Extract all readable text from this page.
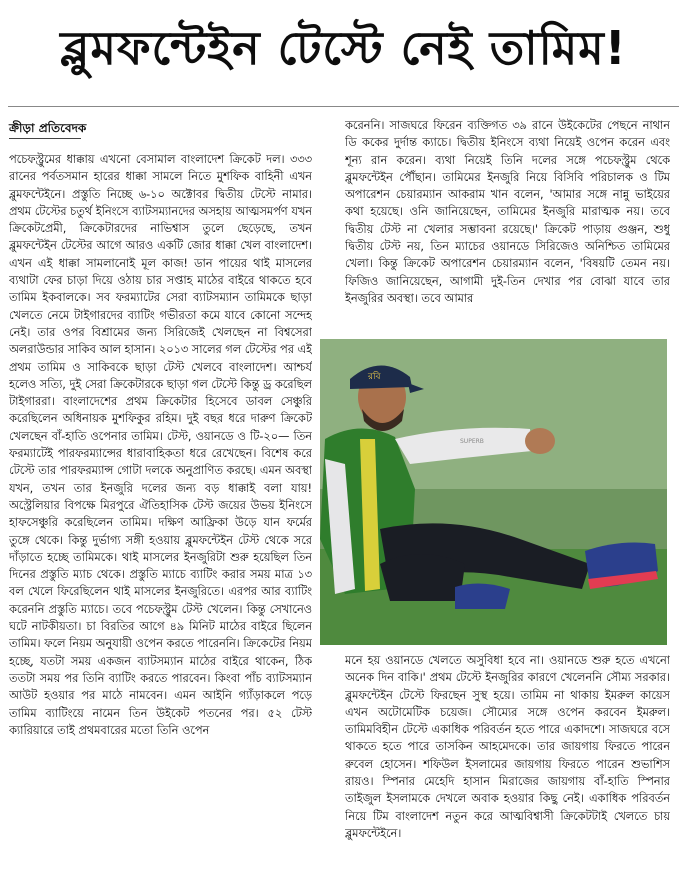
ব্লুমফন্টেইন টেস্টে নেই তামিম!
ক্রীড়া প্রতিবেদক

পচেফস্ট্রুমের ধাক্কায় এখনো বেসামাল বাংলাদেশ ক্রিকেট দল। ৩৩৩ রানের পর্বতসমান হারের ধাক্কা সামলে নিতে মুশফিক বাহিনী এখন ব্লুমফন্টেইনে। প্রস্তুতি নিচ্ছে ৬-১০ অক্টোবর দ্বিতীয় টেস্টে নামার। প্রথম টেস্টের চতুর্থ ইনিংসে ব্যাটসম্যানদের অসহায় আত্মসমর্পণ যখন ক্রিকেটপ্রেমী, ক্রিকেটারদের নাভিশ্বাস তুলে ছেড়েছে, তখন ব্লুমফন্টেইন টেস্টের আগে আরও একটি জোর ধাক্কা খেল বাংলাদেশ। এখন এই ধাক্কা সামলানোই মূল কাজ! ডান পায়ের থাই মাসলের ব্যথাটা ফের চাড়া দিয়ে ওঠায় চার সপ্তাহ মাঠের বাইরে থাকতে হবে তামিম ইকবালকে। সব ফরম্যাটের সেরা ব্যাটসম্যান তামিমকে ছাড়া খেলতে নেমে টাইগারদের ব্যাটিং গভীরতা কমে যাবে কোনো সন্দেহ নেই। তার ওপর বিশ্রামের জন্য সিরিজেই খেলছেন না বিশ্বসেরা অলরাউন্ডার সাকিব আল হাসান। ২০১৩ সালের গল টেস্টের পর এই প্রথম তামিম ও সাকিবকে ছাড়া টেস্ট খেলবে বাংলাদেশ। আশ্চর্য হলেও সত্যি, দুই সেরা ক্রিকেটারকে ছাড়া গল টেস্টে কিন্তু ড্র করেছিল টাইগাররা। বাংলাদেশের প্রথম ক্রিকেটার হিসেবে ডাবল সেঞ্চুরি করেছিলেন অধিনায়ক মুশফিকুর রহিম। দুই বছর ধরে দারুণ ক্রিকেট খেলছেন বাঁ-হাতি ওপেনার তামিম। টেস্ট, ওয়ানডে ও টি-২০— তিন ফরম্যাটেই পারফরম্যান্সের ধারাবাহিকতা ধরে রেখেছেন। বিশেষ করে টেস্টে তার পারফরম্যান্স গোটা দলকে অনুপ্রাণিত করছে। এমন অবস্থা যখন, তখন তার ইনজুরি দলের জন্য বড় ধাক্কাই বলা যায়! অস্ট্রেলিয়ার বিপক্ষে মিরপুরে ঐতিহাসিক টেস্ট জয়ের উভয় ইনিংসে হাফসেঞ্চুরি করেছিলেন তামিম। দক্ষিণ আফ্রিকা উড়ে যান ফর্মের তুঙ্গে থেকে। কিন্তু দুর্ভাগ্য সঙ্গী হওয়ায় ব্লুমফন্টেইন টেস্ট থেকে সরে দাঁড়াতে হচ্ছে তামিমকে। থাই মাসলের ইনজুরিটা শুরু হয়েছিল তিন দিনের প্রস্তুতি ম্যাচ থেকে। প্রস্তুতি ম্যাচে ব্যাটিং করার সময় মাত্র ১৩ বল খেলে ফিরেছিলেন থাই মাসলের ইনজুরিতে। এরপর আর ব্যাটিং করেননি প্রস্তুতি ম্যাচে। তবে পচেফস্ট্রুম টেস্ট খেলেন। কিন্তু সেখানেও ঘটে নাটকীয়তা। চা বিরতির আগে ৪৯ মিনিট মাঠের বাইরে ছিলেন তামিম। ফলে নিয়ম অনুযায়ী ওপেন করতে পারেননি। ক্রিকেটের নিয়ম হচ্ছে, যতটা সময় একজন ব্যাটসম্যান মাঠের বাইরে থাকেন, ঠিক ততটা সময় পর তিনি ব্যাটিং করতে পারবেন। কিংবা পাঁচ ব্যাটসম্যান আউট হওয়ার পর মাঠে নামবেন। এমন আইনি গ্যাঁড়াকলে পড়ে তামিম ব্যাটিংয়ে নামেন তিন উইকেট পতনের পর। ৫২ টেস্ট ক্যারিয়ারে তাই প্রথমবারের মতো তিনি ওপেন

করেননি। সাজঘরে ফিরেন ব্যক্তিগত ৩৯ রানে উইকেটের পেছনে নাথান ডি ককের দুর্দান্ত ক্যাচে। দ্বিতীয় ইনিংসে ব্যথা নিয়েই ওপেন করেন এবং শূন্য রান করেন। ব্যথা নিয়েই তিনি দলের সঙ্গে পচেফস্ট্রুম থেকে ব্লুমফন্টেইন পৌঁছান। তামিমের ইনজুরি নিয়ে বিসিবি পরিচালক ও টিম অপারেশন চেয়ারম্যান আকরাম খান বলেন, 'আমার সঙ্গে নান্নু ভাইয়ের কথা হয়েছে। ওনি জানিয়েছেন, তামিমের ইনজুরি মারাত্মক নয়। তবে দ্বিতীয় টেস্ট না খেলার সম্ভাবনা রয়েছে।' ক্রিকেট পাড়ায় গুঞ্জন, শুধু দ্বিতীয় টেস্ট নয়, তিন ম্যাচের ওয়ানডে সিরিজেও অনিশ্চিত তামিমের খেলা। কিন্তু ক্রিকেট অপারেশন চেয়ারম্যান বলেন, 'বিষয়টি তেমন নয়। ফিজিও জানিয়েছেন, আগামী দুই-তিন দেখার পর বোঝা যাবে তার ইনজুরির অবস্থা। তবে আমার

রবি
SUPERB

মনে হয় ওয়ানডে খেলতে অসুবিধা হবে না। ওয়ানডে শুরু হতে এখনো অনেক দিন বাকি।' প্রথম টেস্টে ইনজুরির কারণে খেলেননি সৌম্য সরকার। ব্লুমফন্টেইন টেস্টে ফিরছেন সুস্থ হয়ে। তামিম না থাকায় ইমরুল কায়েস এখন অটোমেটিক চয়েজ। সৌম্যের সঙ্গে ওপেন করবেন ইমরুল। তামিমবিহীন টেস্টে একাধিক পরিবর্তন হতে পারে একাদশে। সাজঘরে বসে থাকতে হতে পারে তাসকিন আহমেদকে। তার জায়গায় ফিরতে পারেন রুবেল হোসেন। শফিউল ইসলামের জায়গায় ফিরতে পারেন শুভাশিস রায়ও। স্পিনার মেহেদি হাসান মিরাজের জায়গায় বাঁ-হাতি স্পিনার তাইজুল ইসলামকে দেখলে অবাক হওয়ার কিছু নেই। একাধিক পরিবর্তন নিয়ে টিম বাংলাদেশ নতুন করে আত্মবিশ্বাসী ক্রিকেটটাই খেলতে চায় ব্লুমফন্টেইনে।
